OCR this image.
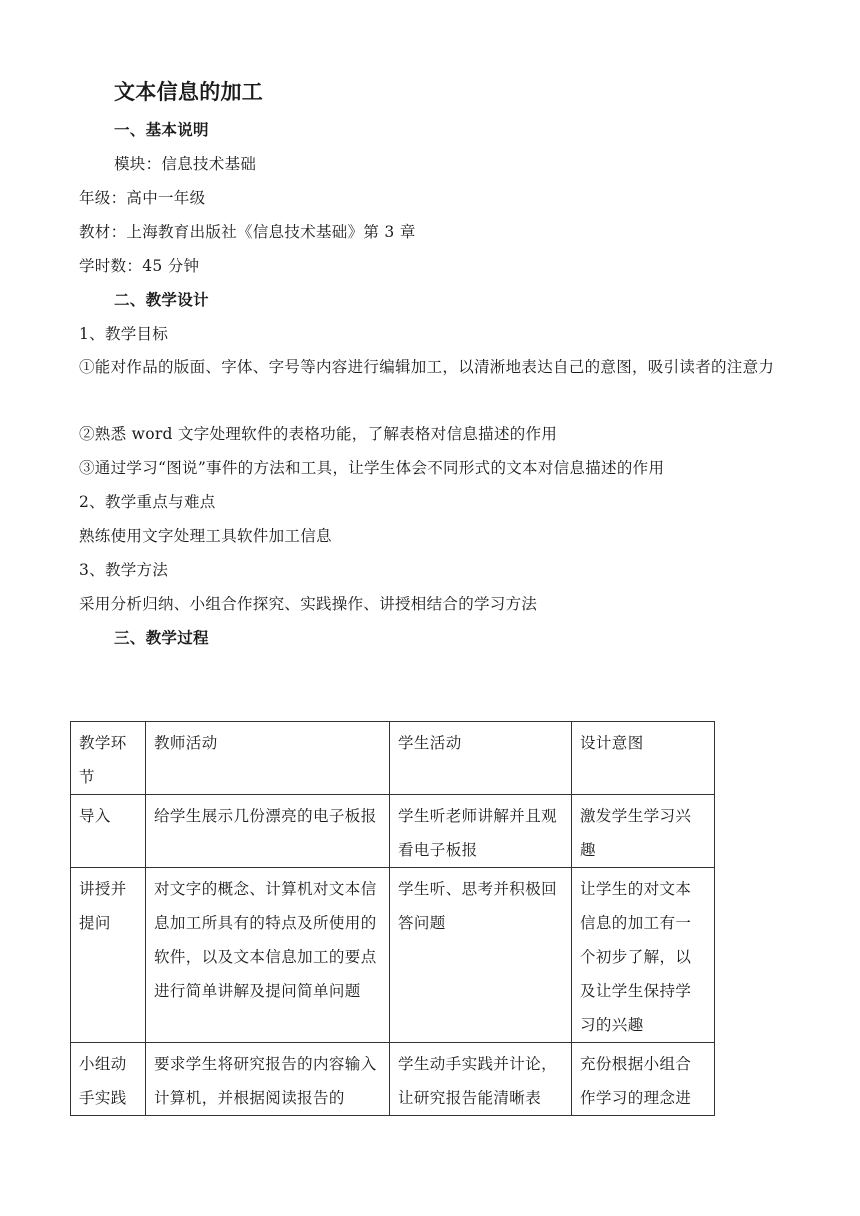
文本信息的加工
一、基本说明
模块：信息技术基础
年级：高中一年级
教材：上海教育出版社《信息技术基础》第 3 章
学时数：45 分钟
二、教学设计
1、教学目标
①能对作品的版面、字体、字号等内容进行编辑加工，以清淅地表达自己的意图，吸引读者的注意力
②熟悉 word 文字处理软件的表格功能，了解表格对信息描述的作用
③通过学习“图说”事件的方法和工具，让学生体会不同形式的文本对信息描述的作用
2、教学重点与难点
熟练使用文字处理工具软件加工信息
3、教学方法
采用分析归纳、小组合作探究、实践操作、讲授相结合的学习方法
三、教学过程
教学环节	教师活动	学生活动	设计意图
导入	给学生展示几份漂亮的电子板报	学生听老师讲解并且观看电子板报	激发学生学习兴趣
讲授并提问	对文字的概念、计算机对文本信息加工所具有的特点及所使用的软件，以及文本信息加工的要点进行简单讲解及提问简单问题	学生听、思考并积极回答问题	让学生的对文本信息的加工有一个初步了解，以及让学生保持学习的兴趣
小组动手实践	要求学生将研究报告的内容输入计算机，并根据阅读报告的	学生动手实践并计论，让研究报告能清晰表	充份根据小组合作学习的理念进
